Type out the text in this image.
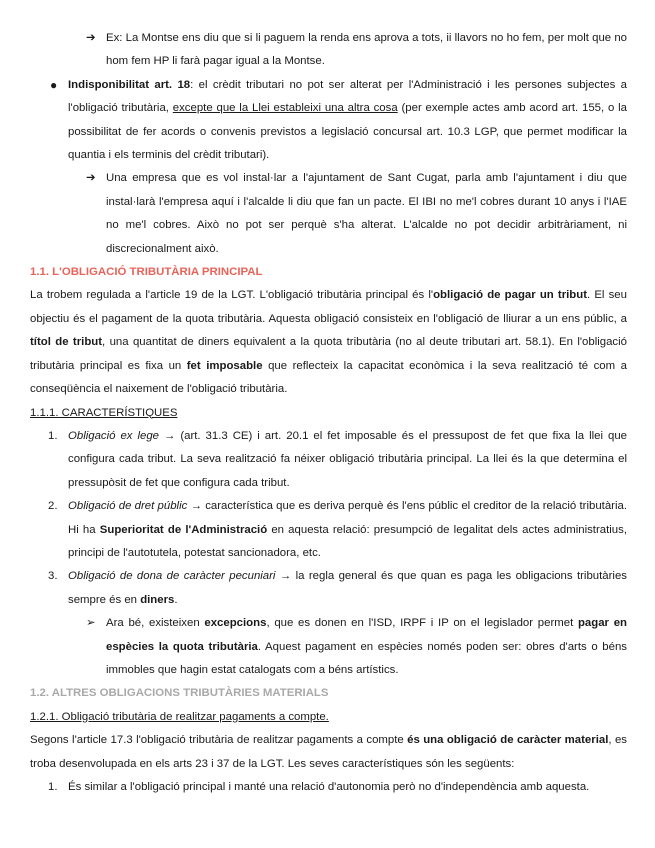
➔ Ex: La Montse ens diu que si li paguem la renda ens aprova a tots, ii llavors no ho fem, per molt que no hom fem HP li farà pagar igual a la Montse.

● Indisponibilitat art. 18: el crèdit tributari no pot ser alterat per l'Administració i les persones subjectes a l'obligació tributària, excepte que la Llei estableixi una altra cosa (per exemple actes amb acord art. 155, o la possibilitat de fer acords o convenis previstos a legislació concursal art. 10.3 LGP, que permet modificar la quantia i els terminis del crèdit tributari).

➔ Una empresa que es vol instal·lar a l'ajuntament de Sant Cugat, parla amb l'ajuntament i diu que instal·larà l'empresa aquí i l'alcalde li diu que fan un pacte. El IBI no me'l cobres durant 10 anys i l'IAE no me'l cobres. Això no pot ser perquè s'ha alterat. L'alcalde no pot decidir arbitràriament, ni discrecionalment això.

1.1. L'OBLIGACIÓ TRIBUTÀRIA PRINCIPAL

La trobem regulada a l'article 19 de la LGT. L'obligació tributària principal és l'obligació de pagar un tribut. El seu objectiu és el pagament de la quota tributària. Aquesta obligació consisteix en l'obligació de lliurar a un ens públic, a títol de tribut, una quantitat de diners equivalent a la quota tributària (no al deute tributari art. 58.1). En l'obligació tributària principal es fixa un fet imposable que reflecteix la capacitat econòmica i la seva realització té com a conseqüència el naixement de l'obligació tributària.

1.1.1. CARACTERÍSTIQUES

1. Obligació ex lege → (art. 31.3 CE) i art. 20.1 el fet imposable és el pressupost de fet que fixa la llei que configura cada tribut. La seva realització fa néixer obligació tributària principal. La llei és la que determina el pressupòsit de fet que configura cada tribut.

2. Obligació de dret públic → característica que es deriva perquè és l'ens públic el creditor de la relació tributària. Hi ha Superioritat de l'Administració en aquesta relació: presumpció de legalitat dels actes administratius, principi de l'autotutela, potestat sancionadora, etc.

3. Obligació de dona de caràcter pecuniari → la regla general és que quan es paga les obligacions tributàries sempre és en diners.

➢ Ara bé, existeixen excepcions, que es donen en l'ISD, IRPF i IP on el legislador permet pagar en espècies la quota tributària. Aquest pagament en espècies només poden ser: obres d'arts o béns immobles que hagin estat catalogats com a béns artístics.

1.2. ALTRES OBLIGACIONS TRIBUTÀRIES MATERIALS

1.2.1. Obligació tributària de realitzar pagaments a compte.

Segons l'article 17.3 l'obligació tributària de realitzar pagaments a compte és una obligació de caràcter material, es troba desenvolupada en els arts 23 i 37 de la LGT. Les seves característiques són les següents:

1. És similar a l'obligació principal i manté una relació d'autonomia però no d'independència amb aquesta.
